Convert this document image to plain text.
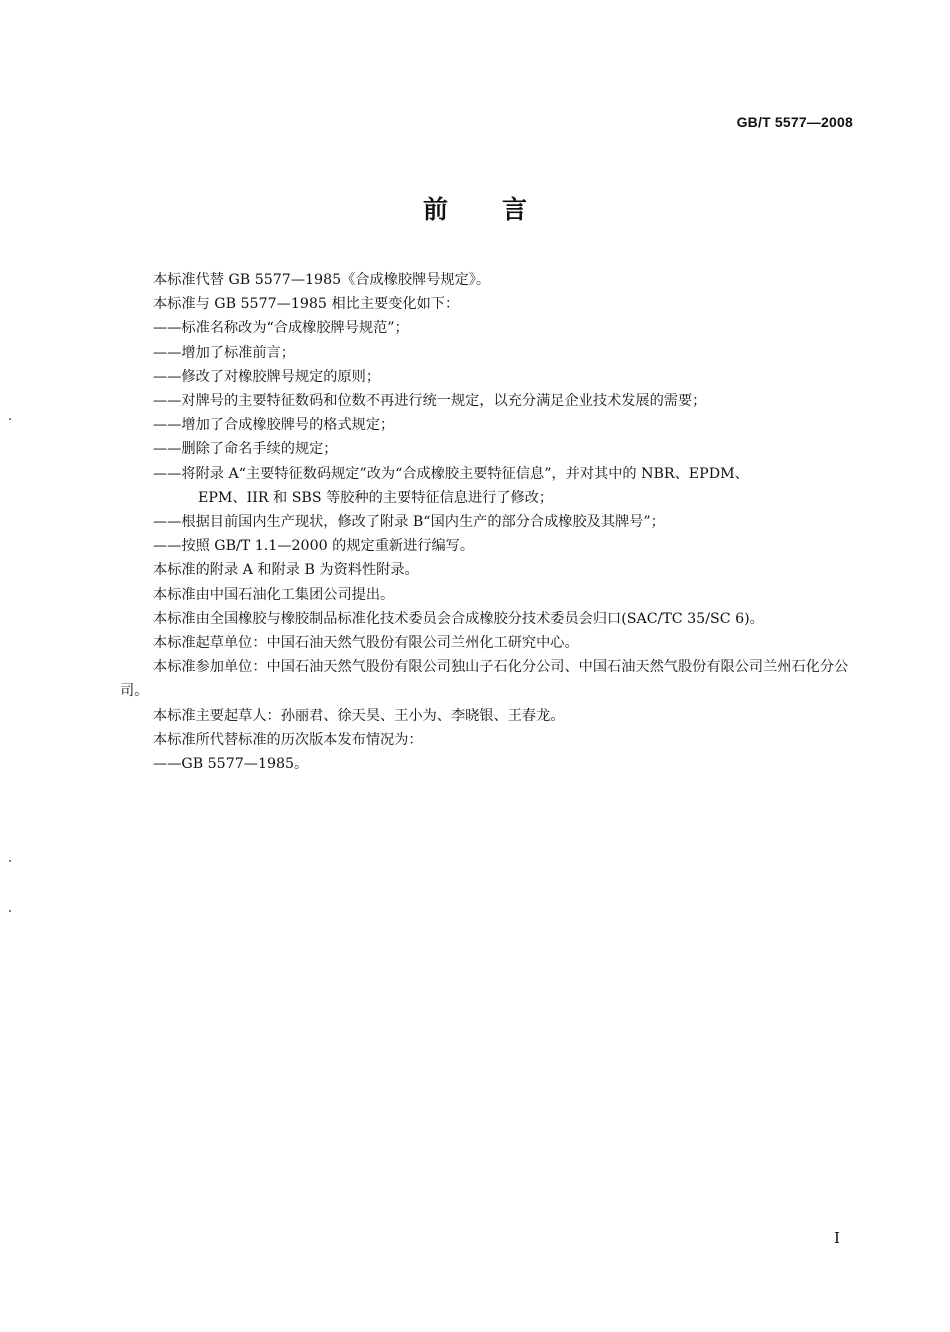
GB/T 5577—2008
前 言
本标准代替 GB 5577—1985《合成橡胶牌号规定》。
本标准与 GB 5577—1985 相比主要变化如下：
——标准名称改为“合成橡胶牌号规范”；
——增加了标准前言；
——修改了对橡胶牌号规定的原则；
——对牌号的主要特征数码和位数不再进行统一规定，以充分满足企业技术发展的需要；
——增加了合成橡胶牌号的格式规定；
——删除了命名手续的规定；
——将附录 A“主要特征数码规定”改为“合成橡胶主要特征信息”，并对其中的 NBR、EPDM、
EPM、IIR 和 SBS 等胶种的主要特征信息进行了修改；
——根据目前国内生产现状，修改了附录 B“国内生产的部分合成橡胶及其牌号”；
——按照 GB/T 1.1—2000 的规定重新进行编写。
本标准的附录 A 和附录 B 为资料性附录。
本标准由中国石油化工集团公司提出。
本标准由全国橡胶与橡胶制品标准化技术委员会合成橡胶分技术委员会归口(SAC/TC 35/SC 6)。
本标准起草单位：中国石油天然气股份有限公司兰州化工研究中心。
本标准参加单位：中国石油天然气股份有限公司独山子石化分公司、中国石油天然气股份有限公司兰州石化分公司。
本标准主要起草人：孙丽君、徐天昊、王小为、李晓银、王春龙。
本标准所代替标准的历次版本发布情况为：
——GB 5577—1985。
I
